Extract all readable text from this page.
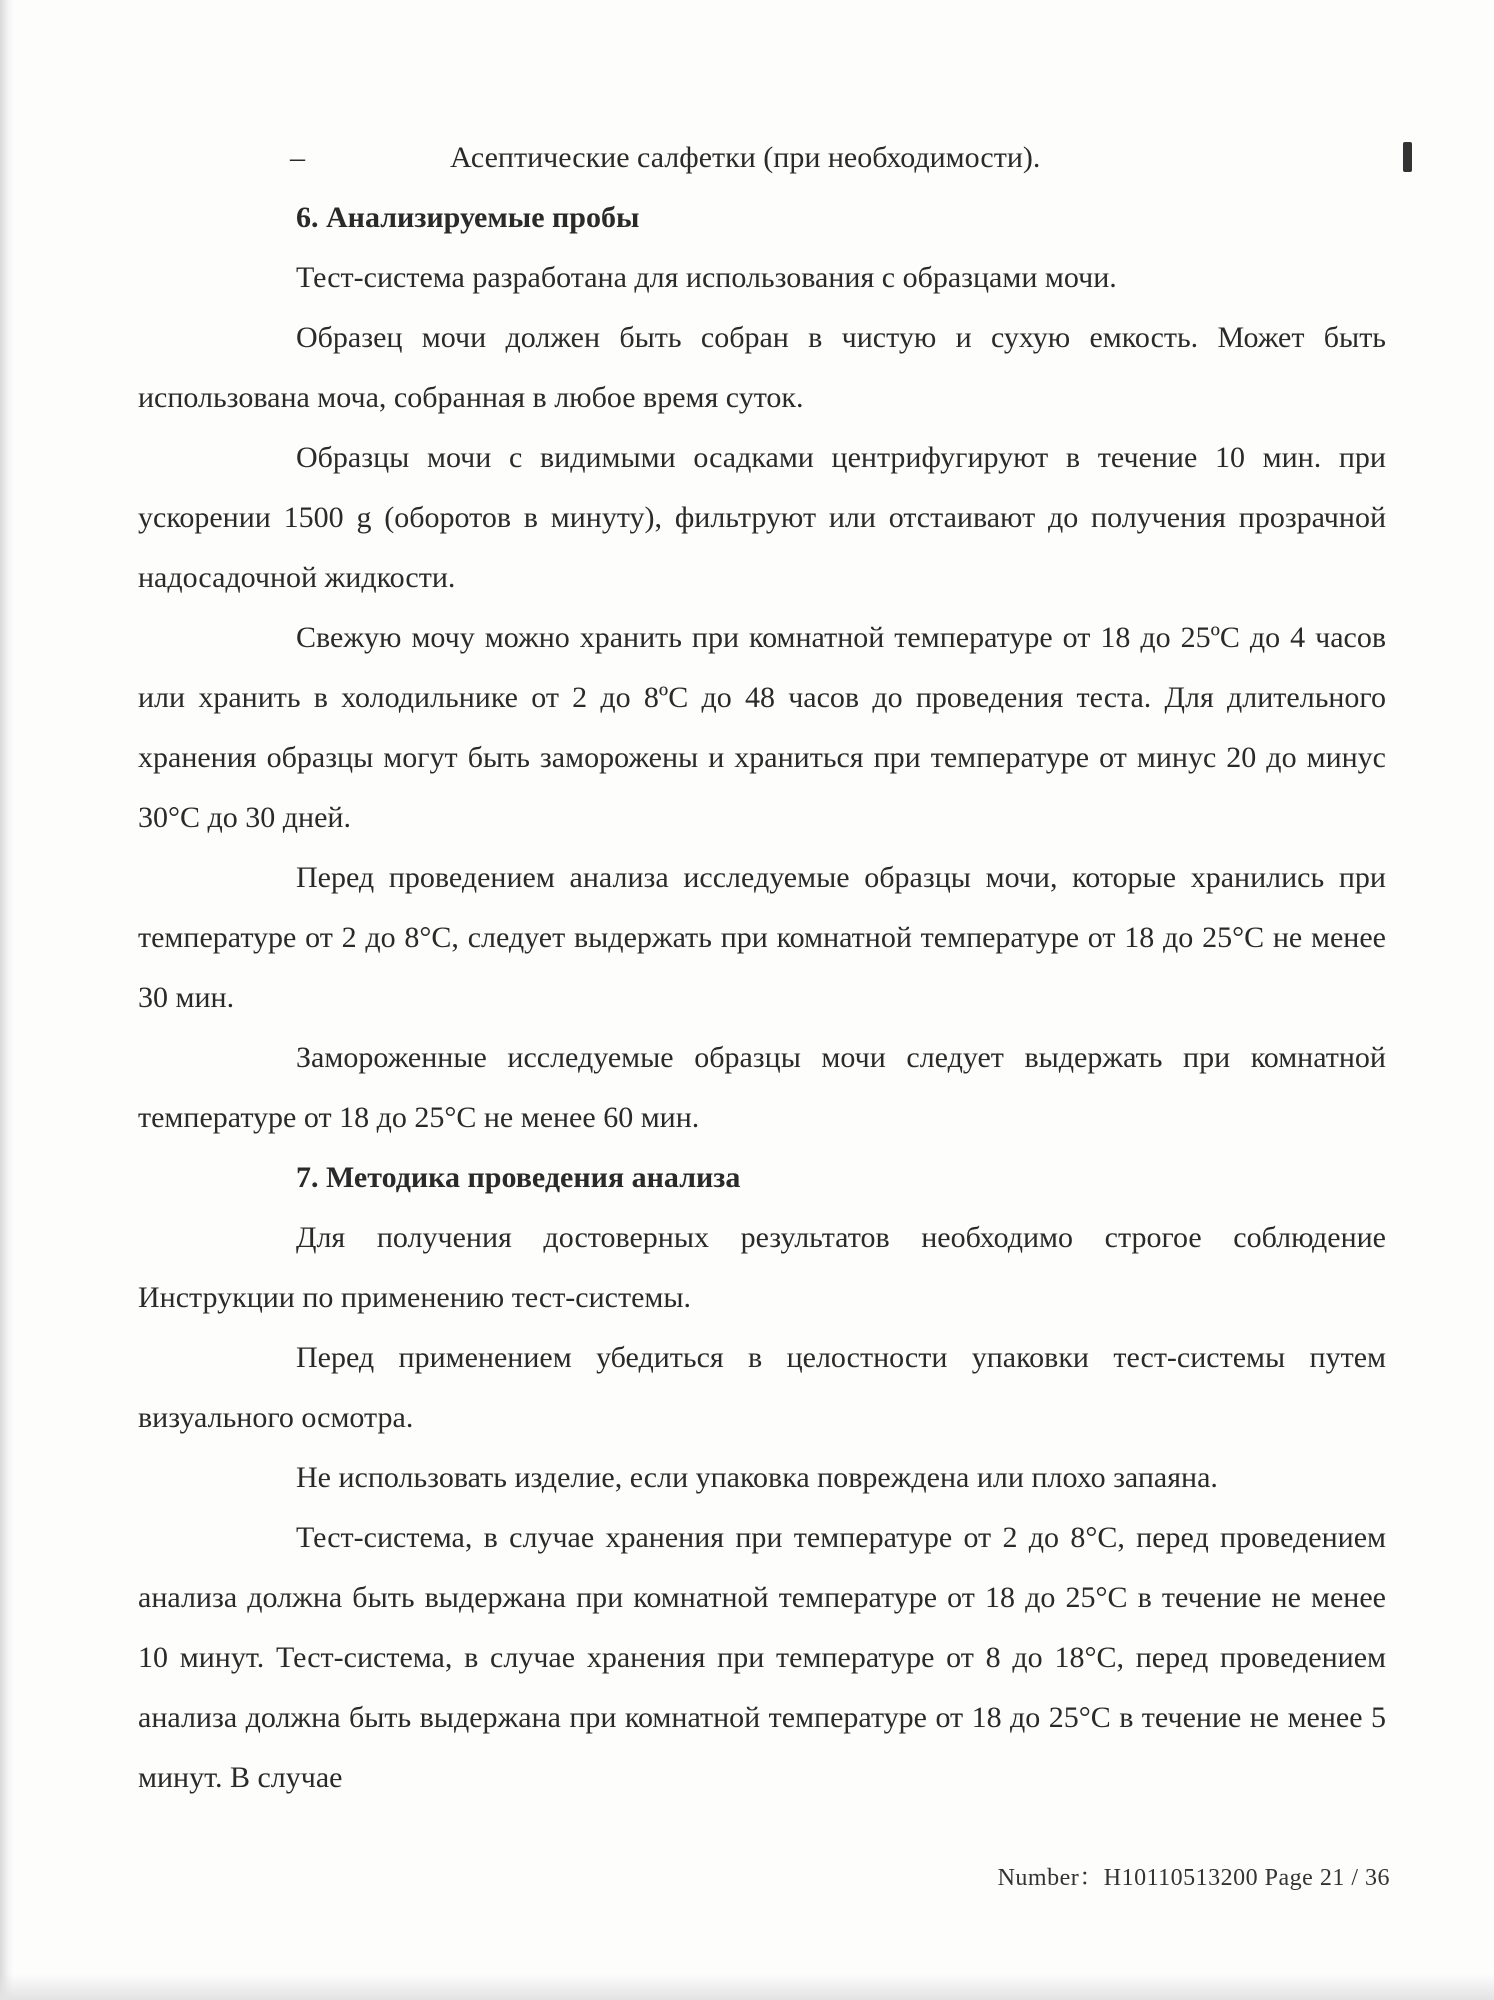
–	Асептические салфетки (при необходимости).

6. Анализируемые пробы

Тест-система разработана для использования с образцами мочи.

Образец мочи должен быть собран в чистую и сухую емкость. Может быть использована моча, собранная в любое время суток.

Образцы мочи с видимыми осадками центрифугируют в течение 10 мин. при ускорении 1500 g (оборотов в минуту), фильтруют или отстаивают до получения прозрачной надосадочной жидкости.

Свежую мочу можно хранить при комнатной температуре от 18 до 25ºC до 4 часов или хранить в холодильнике от 2 до 8ºC до 48 часов до проведения теста. Для длительного хранения образцы могут быть заморожены и храниться при температуре от минус 20 до минус 30°С до 30 дней.

Перед проведением анализа исследуемые образцы мочи, которые хранились при температуре от 2 до 8°С, следует выдержать при комнатной температуре от 18 до 25°С не менее 30 мин.

Замороженные исследуемые образцы мочи следует выдержать при комнатной температуре от 18 до 25°С не менее 60 мин.

7. Методика проведения анализа

Для получения достоверных результатов необходимо строгое соблюдение Инструкции по применению тест-системы.

Перед применением убедиться в целостности упаковки тест-системы путем визуального осмотра.

Не использовать изделие, если упаковка повреждена или плохо запаяна.

Тест-система, в случае хранения при температуре от 2 до 8°С, перед проведением анализа должна быть выдержана при комнатной температуре от 18 до 25°С в течение не менее 10 минут. Тест-система, в случае хранения при температуре от 8 до 18°С, перед проведением анализа должна быть выдержана при комнатной температуре от 18 до 25°С в течение не менее 5 минут. В случае

Number：H10110513200 Page 21 / 36
